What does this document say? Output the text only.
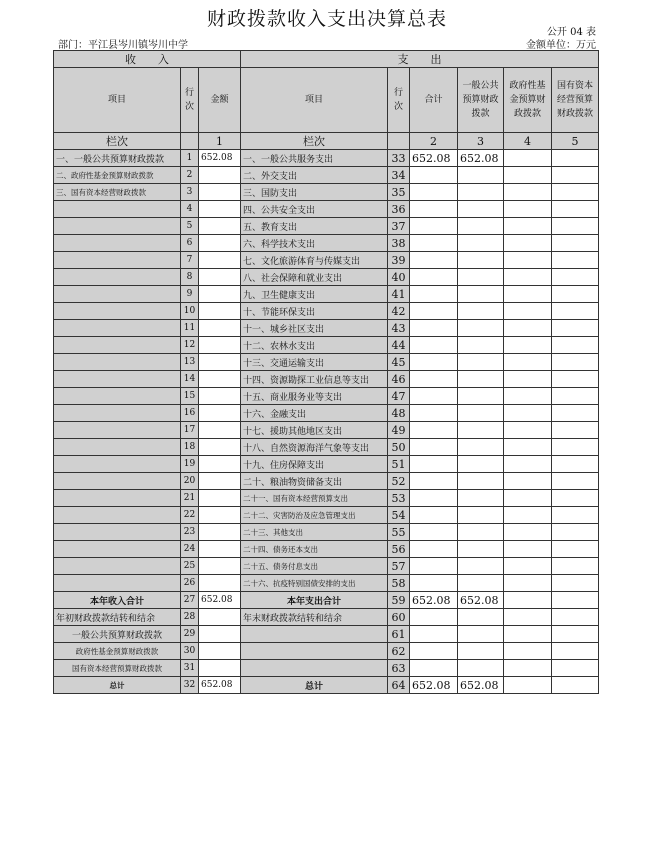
财政拨款收入支出决算总表
公开 04 表
部门：平江县岑川镇岑川中学	金额单位：万元
收　　入			支　　出					
项目	行次	金额	项目	行次	合计	一般公共预算财政拨款	政府性基金预算财政拨款	国有资本经营预算财政拨款
栏次		1	栏次		2	3	4	5
一、一般公共预算财政拨款	1	652.08	一、一般公共服务支出	33	652.08	652.08		
二、政府性基金预算财政拨款	2		二、外交支出	34				
三、国有资本经营财政拨款	3		三、国防支出	35				
	4		四、公共安全支出	36				
	5		五、教育支出	37				
	6		六、科学技术支出	38				
	7		七、文化旅游体育与传媒支出	39				
	8		八、社会保障和就业支出	40				
	9		九、卫生健康支出	41				
	10		十、节能环保支出	42				
	11		十一、城乡社区支出	43				
	12		十二、农林水支出	44				
	13		十三、交通运输支出	45				
	14		十四、资源勘探工业信息等支出	46				
	15		十五、商业服务业等支出	47				
	16		十六、金融支出	48				
	17		十七、援助其他地区支出	49				
	18		十八、自然资源海洋气象等支出	50				
	19		十九、住房保障支出	51				
	20		二十、粮油物资储备支出	52				
	21		二十一、国有资本经营预算支出	53				
	22		二十二、灾害防治及应急管理支出	54				
	23		二十三、其他支出	55				
	24		二十四、债务还本支出	56				
	25		二十五、债务付息支出	57				
	26		二十六、抗疫特别国债安排的支出	58				
本年收入合计	27	652.08	本年支出合计	59	652.08	652.08		
年初财政拨款结转和结余	28		年末财政拨款结转和结余	60				
一般公共预算财政拨款	29			61				
政府性基金预算财政拨款	30			62				
国有资本经营预算财政拨款	31			63				
总计	32	652.08	总计	64	652.08	652.08		
